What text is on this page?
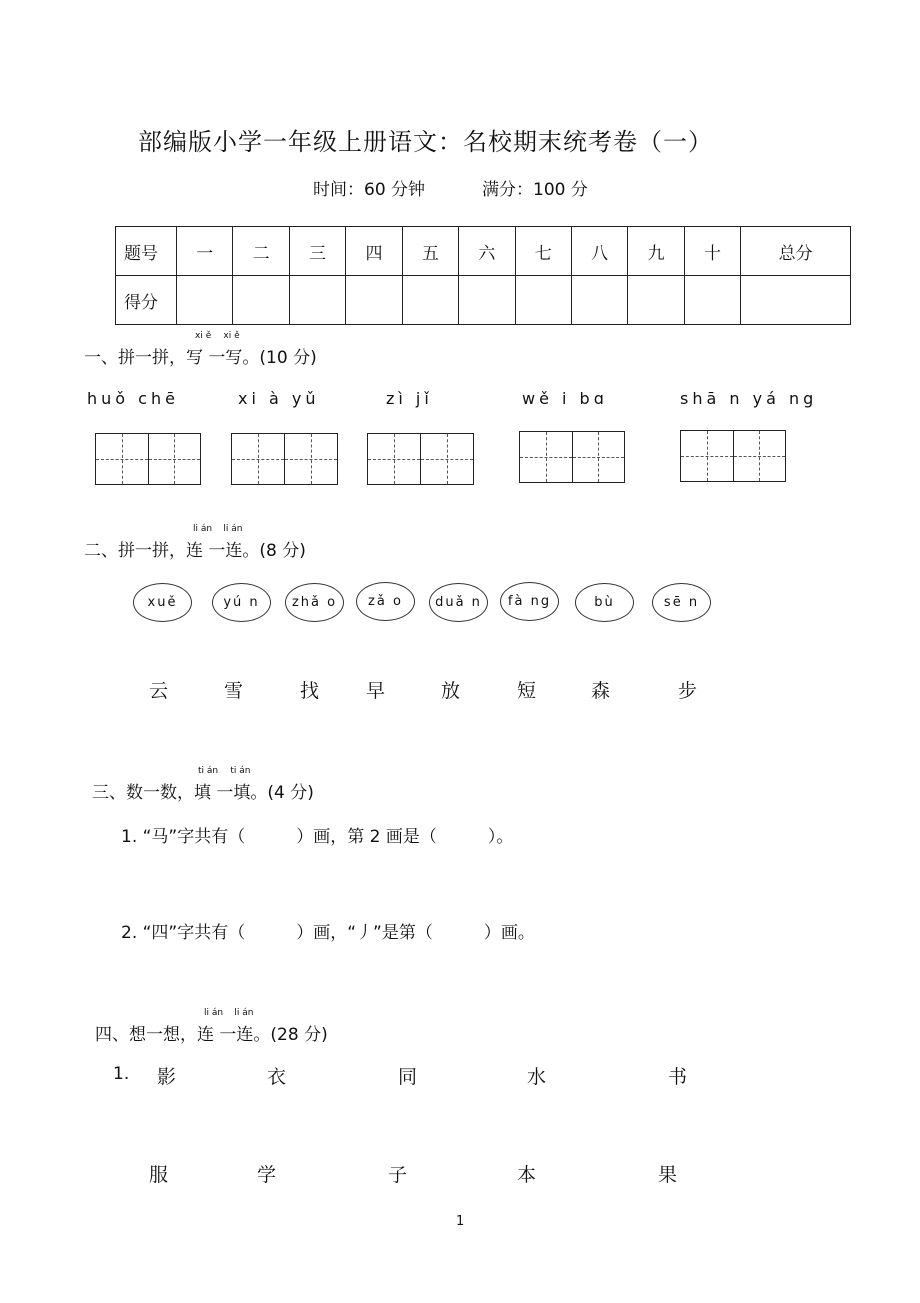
部编版小学一年级上册语文：名校期末统考卷（一）
时间：60 分钟	满分：100 分
题号	一	二	三	四	五	六	七	八	九	十	总分
得分											
一、拼一拼，
xi ě
写 一
xi ě
写。(10 分)
huǒ chē	xi à yǔ	zì jǐ	wě i bɑ	shā n yá ng
二、拼一拼，
li án
连 一
li án
连。(8 分)
xuě	yú n	zhǎ o	zǎ o	duǎ n	fà ng	bù	sē n
云	雪	找 早	放	短	森	步
三、数一数，
ti án
填 一
ti án
填。(4 分)
1. “马”字共有（　　　）画，第 2 画是（　　　）。
2. “四”字共有（　　　）画，“丿”是第（　　　）画。
四、想一想，
li án
连 一
li án
连。(28 分)
1. 影	衣	同	水	书
服	学	子	本	果
1
